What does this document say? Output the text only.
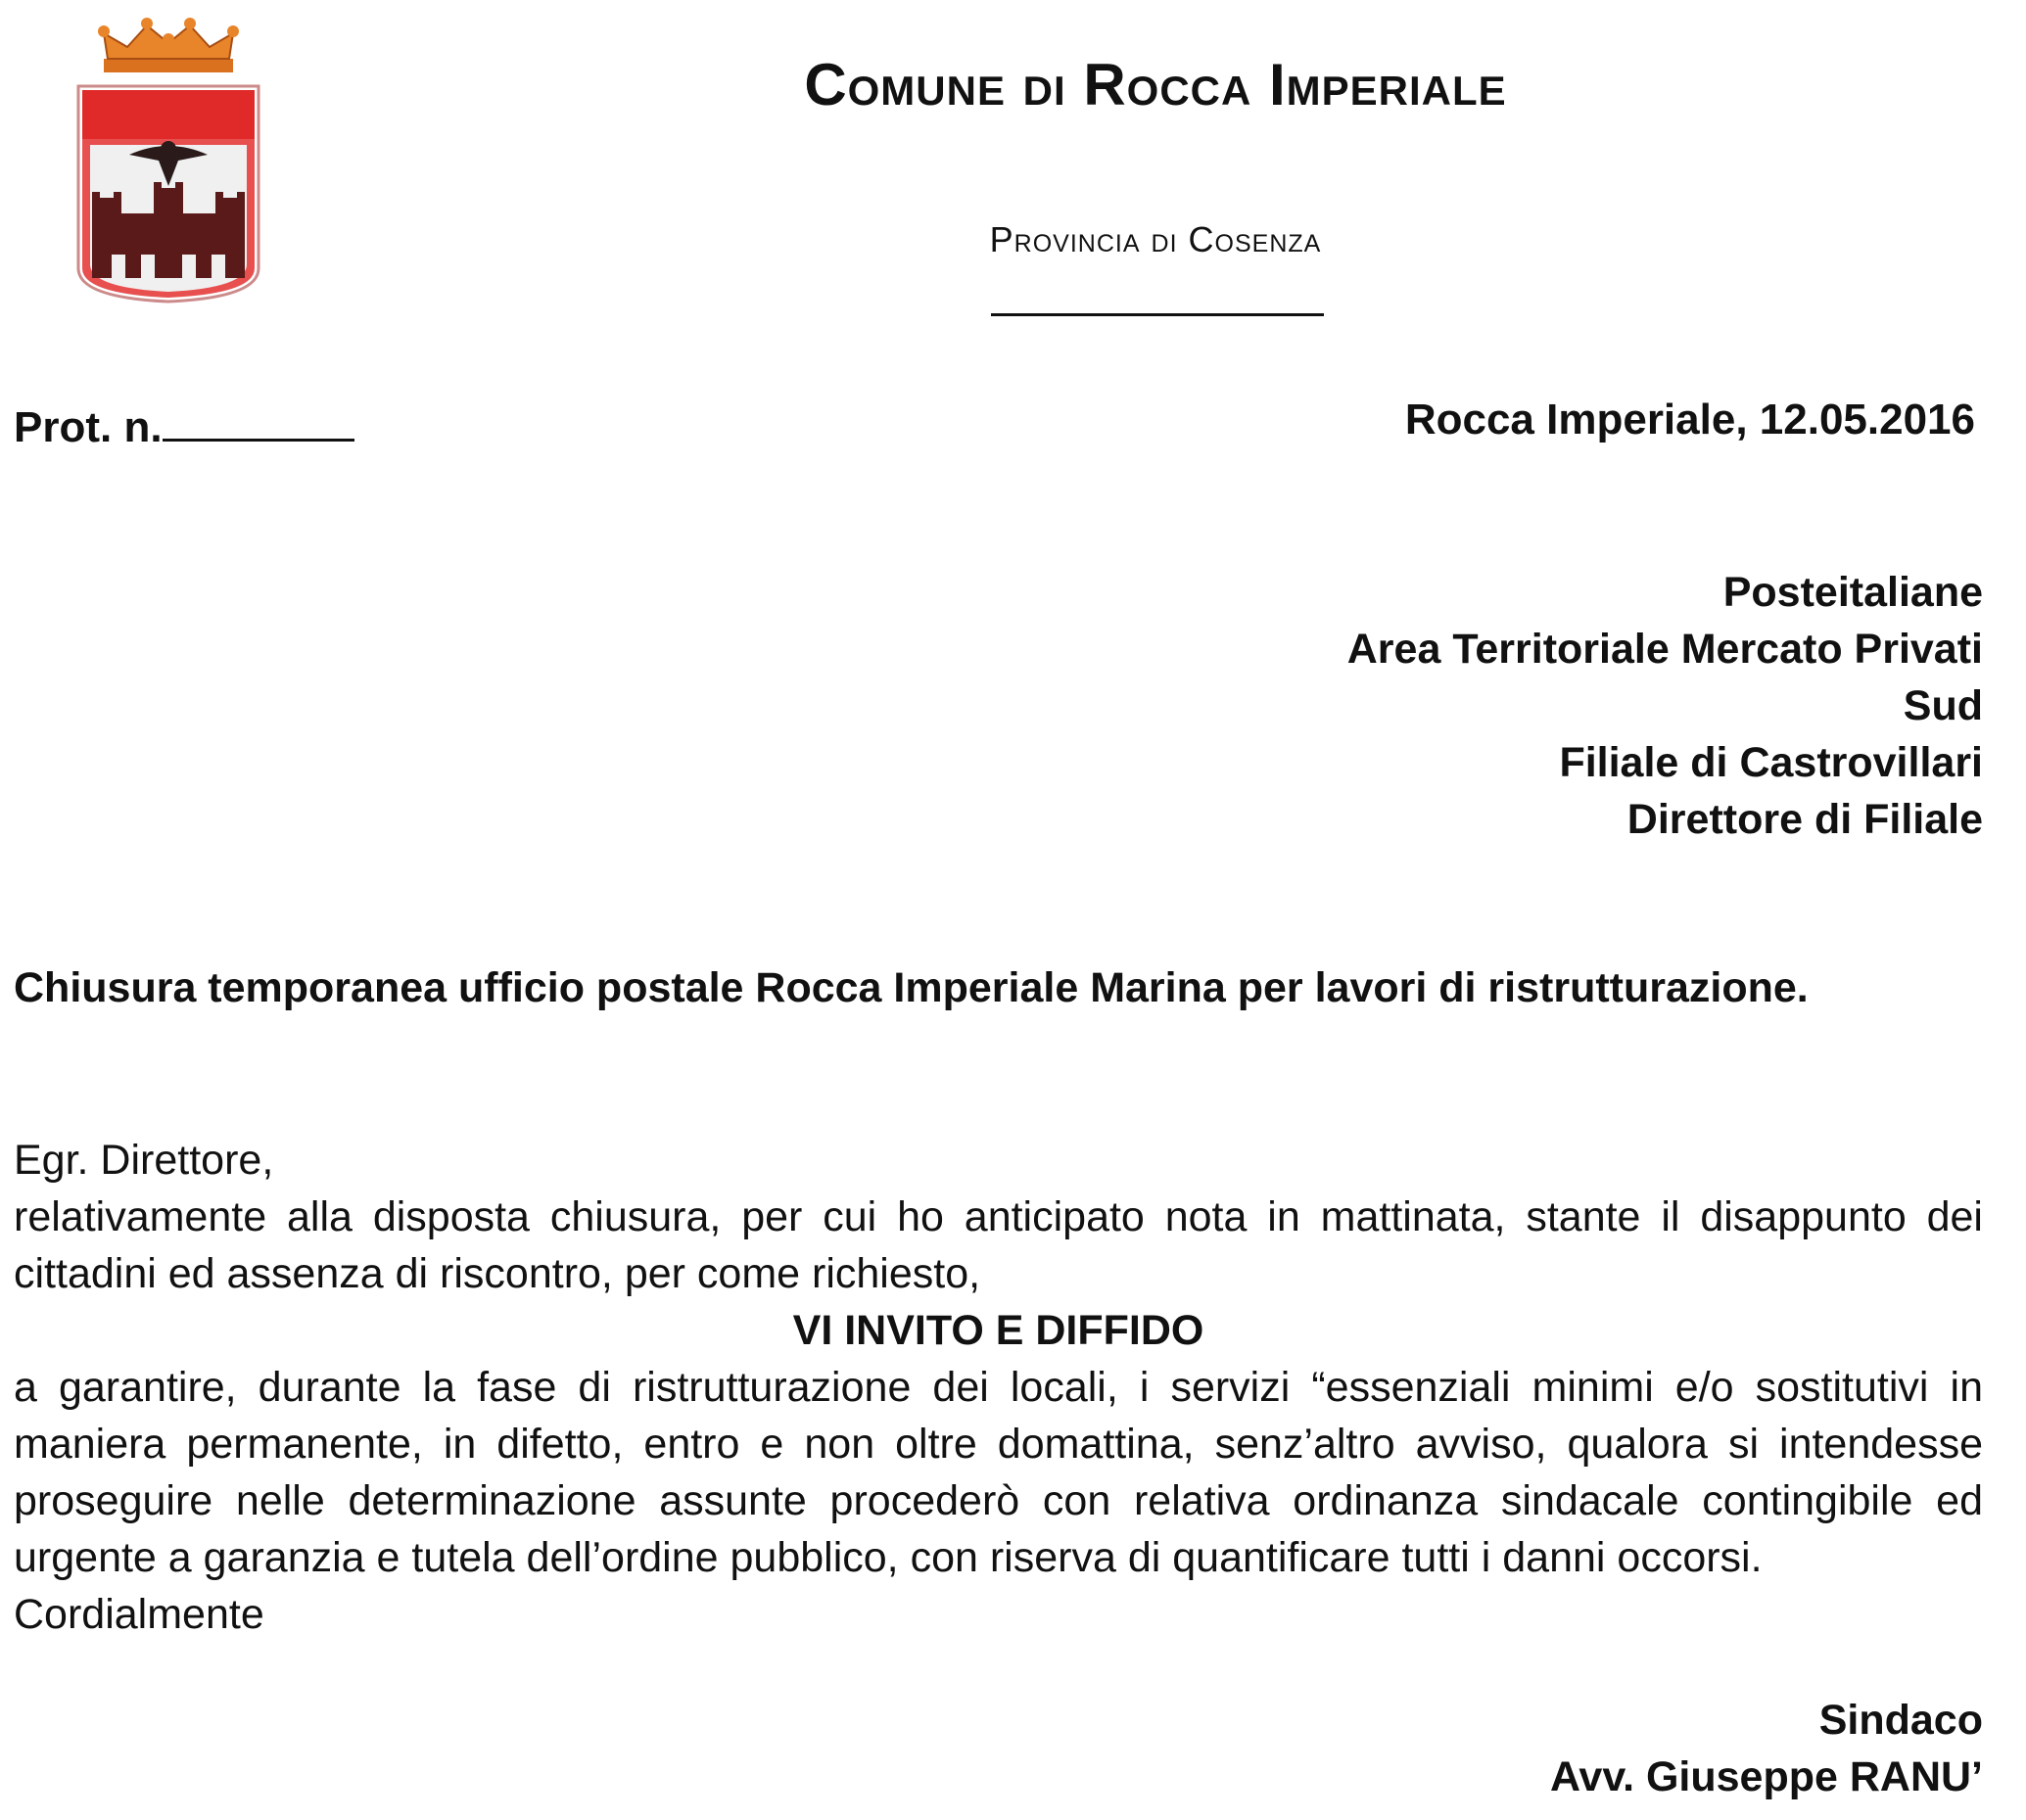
Comune di Rocca Imperiale
Provincia di Cosenza
Prot. n.	Rocca Imperiale, 12.05.2016
Posteitaliane
Area Territoriale Mercato Privati
Sud
Filiale di Castrovillari
Direttore di Filiale
Chiusura temporanea ufficio postale Rocca Imperiale Marina per lavori di ristrutturazione.
Egr. Direttore,
relativamente alla disposta chiusura, per cui ho anticipato nota in mattinata, stante il disappunto dei cittadini ed assenza di riscontro, per come richiesto,
VI INVITO E DIFFIDO
a garantire, durante la fase di ristrutturazione dei locali, i servizi “essenziali minimi e/o sostitutivi in maniera permanente, in difetto, entro e non oltre domattina, senz’altro avviso, qualora si intendesse proseguire nelle determinazione assunte procederò con relativa ordinanza sindacale contingibile ed urgente a garanzia e tutela dell’ordine pubblico, con riserva di quantificare tutti i danni occorsi.
Cordialmente
Sindaco
Avv. Giuseppe RANU’
